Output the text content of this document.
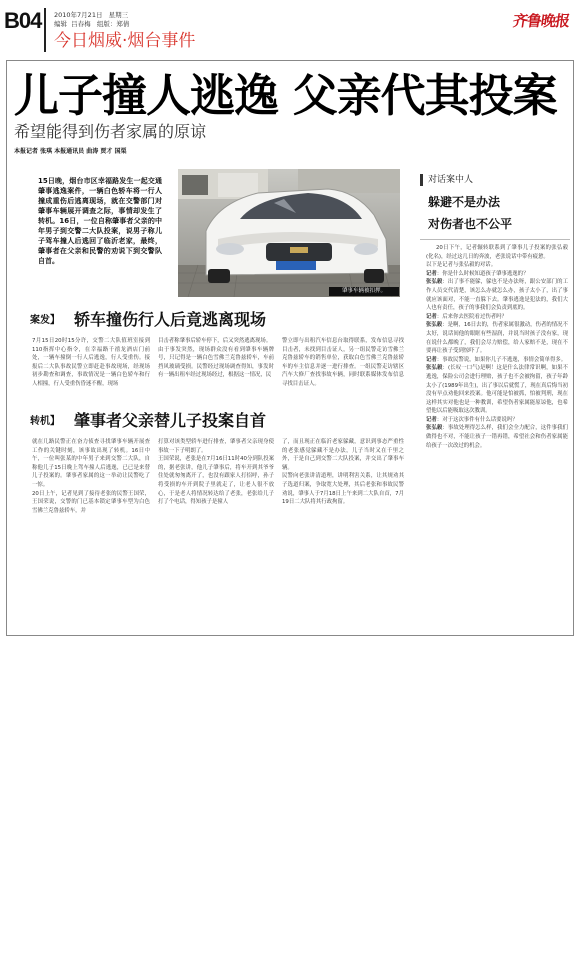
B04 2010年7月21日   星期三
编辑  吕春梅   组版：郑倩
今日烟威·烟台事件
齐鲁晚报
儿子撞人逃逸 父亲代其投案
希望能得到伤者家属的原谅
本报记者 张琪 本报通讯员 曲涛 贾才 国栗
15日晚，烟台市区幸福路发生一起交通肇事逃逸案件，一辆白色轿车将一行人撞成重伤后逃离现场，就在交警部门对肇事车辆展开调查之际，事情却发生了转机。16日，一位自称肇事者父亲的中年男子到交警二大队投案，说男子称儿子驾车撞人后逃回了临沂老家，最终，肇事者在父亲和民警的劝说下到交警队自首。
肇事车辆被扣押。
案发】 轿车撞伤行人后竟逃离现场
7月15日20时15分许，交警二大队值班室接到110指挥中心指令，在幸福路千禧龙酒店门前处，一辆车撞倒一行人后逃逸，行人受重伤。接报后二大队事故民警立即赶赴事故现场，经现场初步勘查和调查，事故情况是一辆白色轿车和行人相撞，行人受重伤昏迷不醒，现场
目击者称肇事后轿车停下，后又突然逃离现场。
由于事发突然，现场群众没有看到肇事车辆牌号，只记得是一辆白色雪佛兰克鲁兹轿车，车前挡风玻璃受损。民警经过现场调查得知，事发时有一辆出租车经过现场经过，根据这一情况，民
警立即与出租汽车信息台取得联系，发布信息寻找目击者，未找到目击证人，另一组民警走访雪佛兰克鲁兹轿车的销售单位，获取白色雪佛兰克鲁兹轿车的车主信息并逐一进行排查。一组民警走访辖区汽车大修厂查找事故车辆，同时联系媒体发布信息寻找目击证人。
转机】 肇事者父亲替儿子投案自首
就在几路民警正在奋力侦查寻找肇事车辆开展查工作的关键时刻，该事故出现了转机。16日中午，一位叫张某的中年男子来到交警二大队，自称他儿子15日晚上驾车撞人后逃逸，已已是来替儿子投案的。肇事者家属的这一举动让民警吃了一惊。
20日上午，记者见到了接待老张的民警王国荣，王国荣说，交警的门已基本锁定肇事车型为白色雪佛兰克鲁兹轿车，并
打算对该类型轿车进行排查，肇事者父亲现身使事故一下子明朗了。
王国荣说，老张是在7月16日11时40分到队投案的，据老张讲，他儿子肇事后，将车开到其爷爷住处就匆匆离开了，也没有跟家人打招呼，孙子将受损的车开到院子里就走了，让老人很不放心，于是老人将情况转达给了老张，老张给儿子打了个电话，得知孩子是撞人
了，而且现正在临沂老家躲藏，意识到事态严重性的老张感觉躲藏不是办法，儿子当时又在千里之外，于是自己到交警二大队投案，并交出了肇事车辆。
民警向老张讲清道理，讲明利害关系，让其规劝其子选道归案，争取宽大处理，其后老张和事故民警劝说，肇事人于7月18日上午来到二大队自首，7月19日二大队将其行政拘留。
对话案中人
躲避不是办法
对伤者也不公平

20日下午，记者辗转联系到了肇事儿子投案的张弘毅(化名)，经过这几日的奔波，老张说话中带有疲惫。
以下是记者与张弘毅的对话。

记者：你是什么时候知道孩子肇事逃逸的？

张弘毅：出了事不能躲，躲也不是办法呀，跟公安部门的工作人员交代清楚，该怎么办就怎么办，孩子太小了，出了事就应该面对，不能一直躲下去。肇事逃逸是犯法的，我们大人也有责任，孩子的事我们会负责到底的。

记者：后来你去医院看过伤者吗？

张弘毅：是啊，16日去的，伤者家属很激动，伤者的情况不太好，说话间他的眼眶有些湿润，并说当时孩子没有家，现在说什么都晚了，我们会尽力赔偿，给人家赔不是，现在不要再让孩子受到惊吓了。

记者：事故民警说，如果你儿子不逃逸，事情会简单得多。

张弘毅：(长叹一口气)是啊！这是什么法律常识啊，如果不逃逸，保险公司会进行理赔，孩子也不会被拘留，孩子年龄太小了(1989年出生)，出了事以后就慌了，现在真后悔当初没有早点劝他回来投案。他可能是怕被抓，怕被判刑，现在这样其实对他也是一种教训，希望伤者家属能原谅他，也希望他以后能吸取这次教训。

记者：对于这次事件有什么话要说吗？

张弘毅：事故处理得怎么样，我们会全力配合，这件事我们做得也不对，不能让孩子一错再错，希望社会和伤者家属能给孩子一次改过的机会。
